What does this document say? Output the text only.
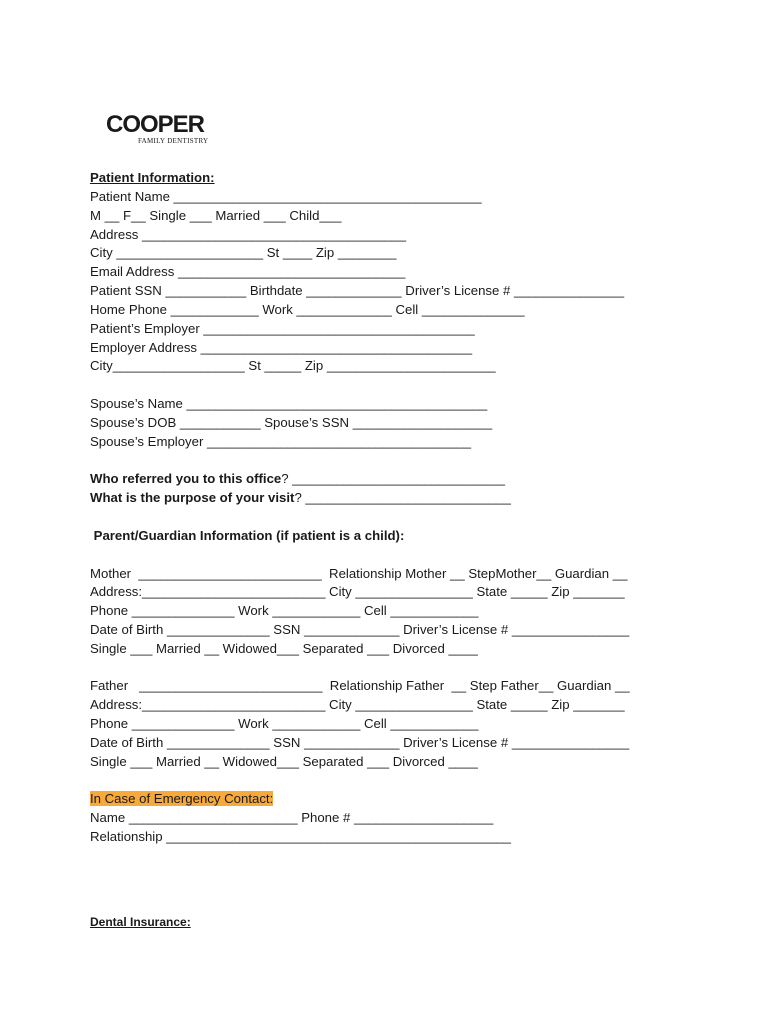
COOPER
FAMILY DENTISTRY
Patient Information:
Patient Name __________________________________________
M __ F__ Single ___ Married ___ Child___
Address ____________________________________
City ____________________ St ____ Zip ________
Email Address _______________________________
Patient SSN ___________ Birthdate _____________ Driver’s License # _______________
Home Phone ____________ Work _____________ Cell ______________
Patient’s Employer _____________________________________
Employer Address _____________________________________
City__________________ St _____ Zip _______________________
Spouse’s Name _________________________________________
Spouse’s DOB ___________ Spouse’s SSN ___________________
Spouse’s Employer ____________________________________
Who referred you to this office? _____________________________
What is the purpose of your visit? ____________________________
Parent/Guardian Information (if patient is a child):
Mother  _________________________  Relationship Mother __ StepMother__ Guardian __
Address:_________________________ City ________________ State _____ Zip _______
Phone ______________ Work ____________ Cell ____________
Date of Birth ______________ SSN _____________ Driver’s License # ________________
Single ___ Married __ Widowed___ Separated ___ Divorced ____
Father   _________________________  Relationship Father  __ Step Father__ Guardian __
Address:_________________________ City ________________ State _____ Zip _______
Phone ______________ Work ____________ Cell ____________
Date of Birth ______________ SSN _____________ Driver’s License # ________________
Single ___ Married __ Widowed___ Separated ___ Divorced ____
In Case of Emergency Contact:
Name _______________________ Phone # ___________________
Relationship _______________________________________________
Dental Insurance:
